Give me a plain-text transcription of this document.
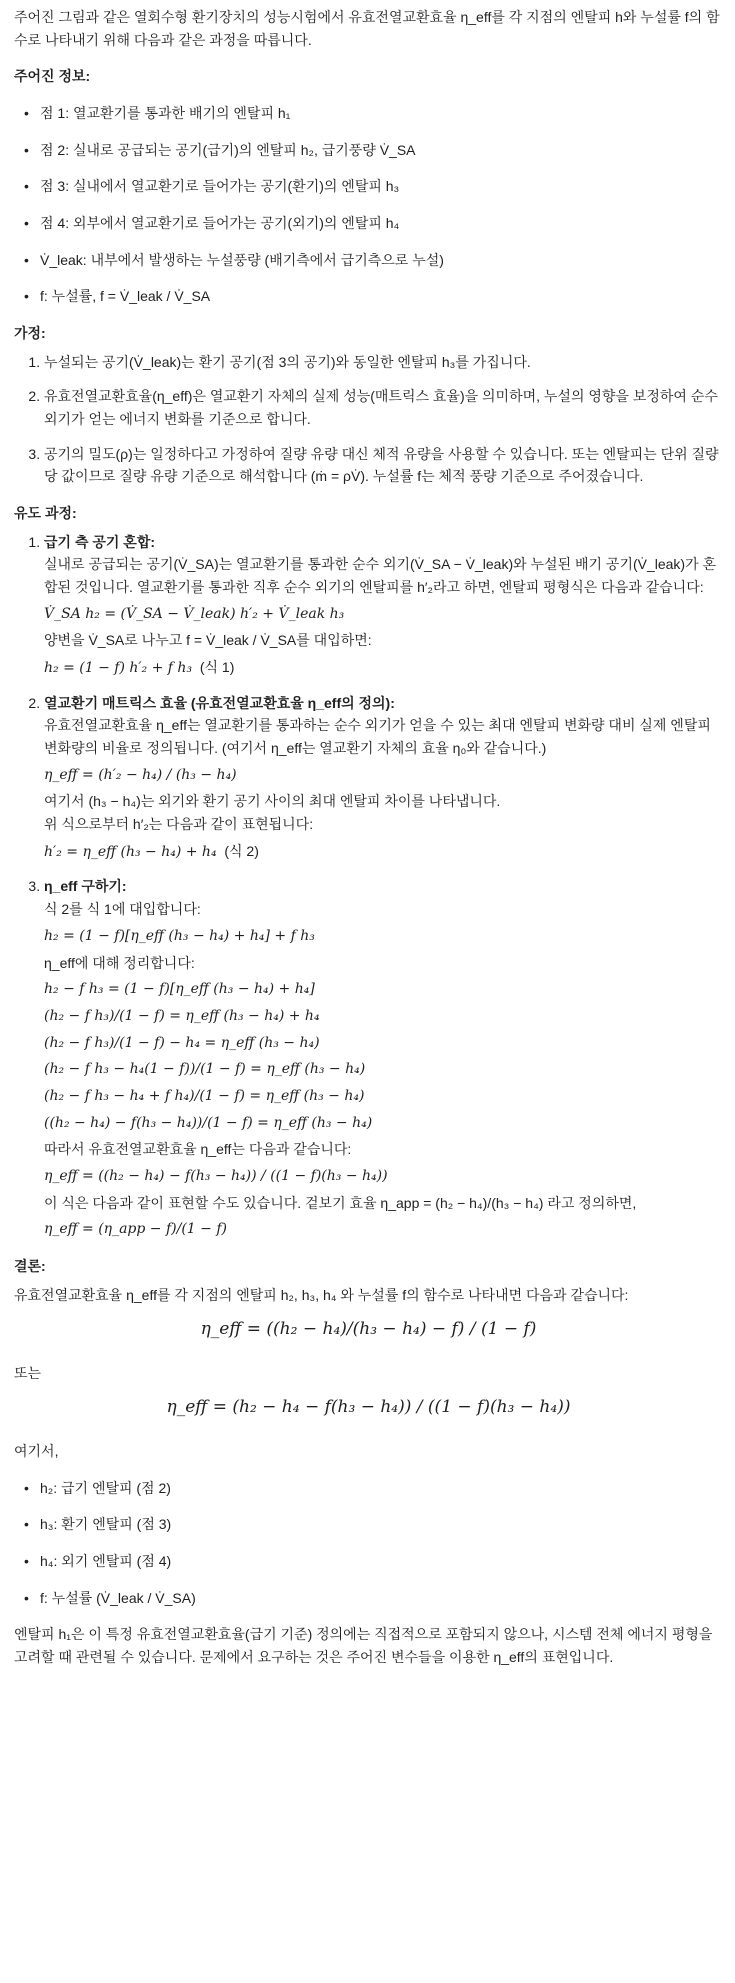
주어진 그림과 같은 열회수형 환기장치의 성능시험에서 유효전열교환효율 η_eff를 각 지점의 엔탈피 h와 누설률 f의 함수로 나타내기 위해 다음과 같은 과정을 따릅니다.

주어진 정보:
• 점 1: 열교환기를 통과한 배기의 엔탈피 h₁
• 점 2: 실내로 공급되는 공기(급기)의 엔탈피 h₂, 급기풍량 V̇_SA
• 점 3: 실내에서 열교환기로 들어가는 공기(환기)의 엔탈피 h₃
• 점 4: 외부에서 열교환기로 들어가는 공기(외기)의 엔탈피 h₄
• V̇_leak: 내부에서 발생하는 누설풍량 (배기측에서 급기측으로 누설)
• f: 누설률, f = V̇_leak / V̇_SA
가정:
1. 누설되는 공기(V̇_leak)는 환기 공기(점 3의 공기)와 동일한 엔탈피 h₃를 가집니다.
2. 유효전열교환효율(η_eff)은 열교환기 자체의 실제 성능(매트릭스 효율)을 의미하며, 누설의 영향을 보정하여 순수 외기가 얻는 에너지 변화를 기준으로 합니다.
3. 공기의 밀도(ρ)는 일정하다고 가정하여 질량 유량 대신 체적 유량을 사용할 수 있습니다. 또는 엔탈피는 단위 질량당 값이므로 질량 유량 기준으로 해석합니다 (ṁ = ρV̇). 누설률 f는 체적 풍량 기준으로 주어졌습니다.
유도 과정:
1. 급기 측 공기 혼합:
실내로 공급되는 공기(V̇_SA)는 열교환기를 통과한 순수 외기(V̇_SA − V̇_leak)와 누설된 배기 공기(V̇_leak)가 혼합된 것입니다. 열교환기를 통과한 직후 순수 외기의 엔탈피를 h′₂라고 하면, 엔탈피 평형식은 다음과 같습니다:
V̇_SA h₂ = (V̇_SA − V̇_leak) h′₂ + V̇_leak h₃
양변을 V̇_SA로 나누고 f = V̇_leak / V̇_SA를 대입하면:
h₂ = (1 − f) h′₂ + f h₃ (식 1)
2. 열교환기 매트릭스 효율 (유효전열교환효율 η_eff의 정의):
유효전열교환효율 η_eff는 열교환기를 통과하는 순수 외기가 얻을 수 있는 최대 엔탈피 변화량 대비 실제 엔탈피 변화량의 비율로 정의됩니다. (여기서 η_eff는 열교환기 자체의 효율 η₀와 같습니다.)
η_eff = (h′₂ − h₄) / (h₃ − h₄)
여기서 (h₃ − h₄)는 외기와 환기 공기 사이의 최대 엔탈피 차이를 나타냅니다.
위 식으로부터 h′₂는 다음과 같이 표현됩니다:
h′₂ = η_eff (h₃ − h₄) + h₄ (식 2)
3. η_eff 구하기:
식 2를 식 1에 대입합니다:
h₂ = (1 − f)[η_eff (h₃ − h₄) + h₄] + f h₃
η_eff에 대해 정리합니다:
h₂ − f h₃ = (1 − f)[η_eff (h₃ − h₄) + h₄]
(h₂ − f h₃)/(1 − f) = η_eff (h₃ − h₄) + h₄
(h₂ − f h₃)/(1 − f) − h₄ = η_eff (h₃ − h₄)
(h₂ − f h₃ − h₄(1 − f))/(1 − f) = η_eff (h₃ − h₄)
(h₂ − f h₃ − h₄ + f h₄)/(1 − f) = η_eff (h₃ − h₄)
((h₂ − h₄) − f(h₃ − h₄))/(1 − f) = η_eff (h₃ − h₄)
따라서 유효전열교환효율 η_eff는 다음과 같습니다:
η_eff = ((h₂ − h₄) − f(h₃ − h₄)) / ((1 − f)(h₃ − h₄))
이 식은 다음과 같이 표현할 수도 있습니다. 겉보기 효율 η_app = (h₂ − h₄)/(h₃ − h₄) 라고 정의하면,
η_eff = (η_app − f)/(1 − f)
결론:

유효전열교환효율 η_eff를 각 지점의 엔탈피 h₂, h₃, h₄ 와 누설률 f의 함수로 나타내면 다음과 같습니다:

η_eff = ((h₂ − h₄)/(h₃ − h₄) − f) / (1 − f)

또는

η_eff = (h₂ − h₄ − f(h₃ − h₄)) / ((1 − f)(h₃ − h₄))

여기서,

• h₂: 급기 엔탈피 (점 2)
• h₃: 환기 엔탈피 (점 3)
• h₄: 외기 엔탈피 (점 4)
• f: 누설률 (V̇_leak / V̇_SA)

엔탈피 h₁은 이 특정 유효전열교환효율(급기 기준) 정의에는 직접적으로 포함되지 않으나, 시스템 전체 에너지 평형을 고려할 때 관련될 수 있습니다. 문제에서 요구하는 것은 주어진 변수들을 이용한 η_eff의 표현입니다.
